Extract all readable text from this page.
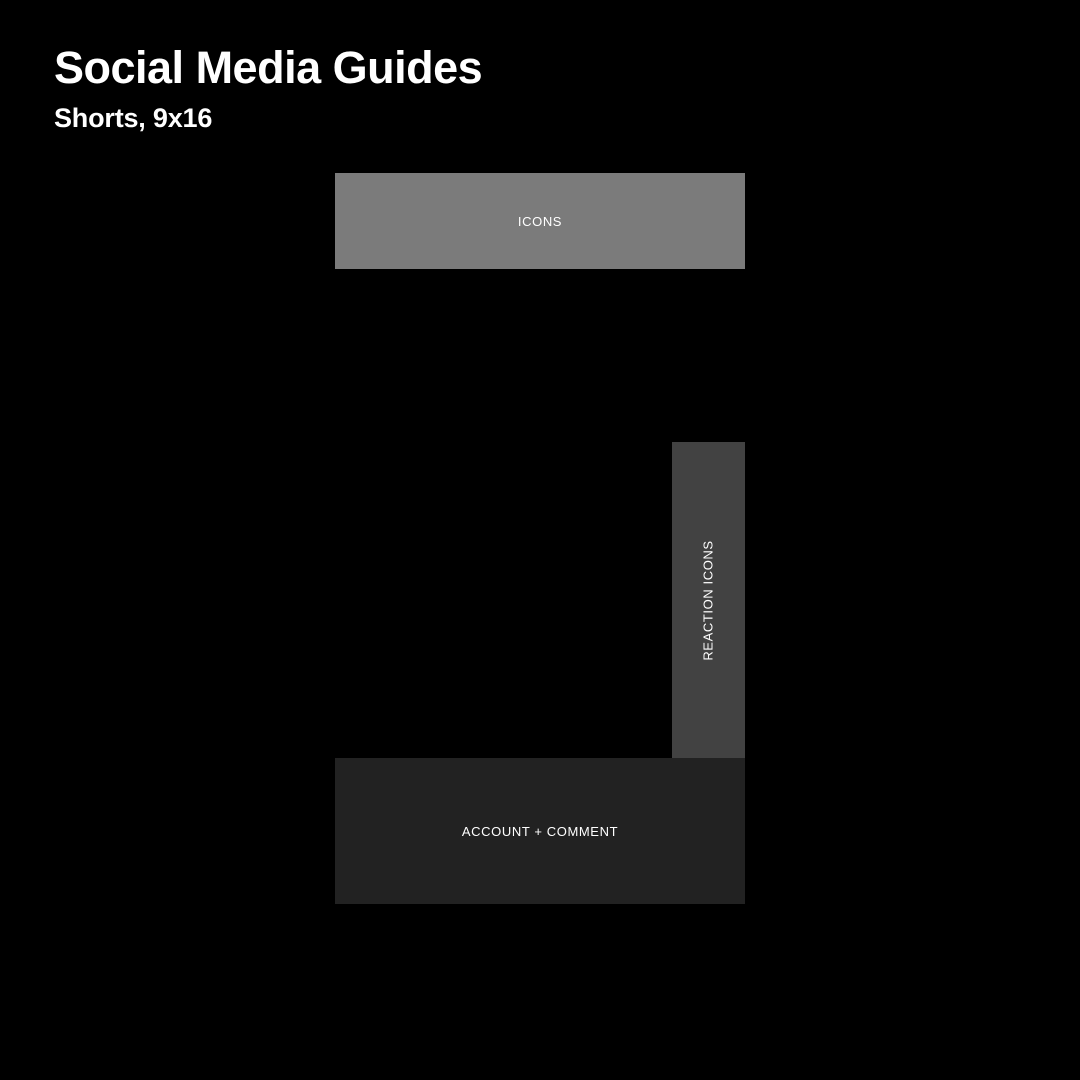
Social Media Guides
Shorts, 9x16
ICONS
REACTION ICONS
ACCOUNT + COMMENT
